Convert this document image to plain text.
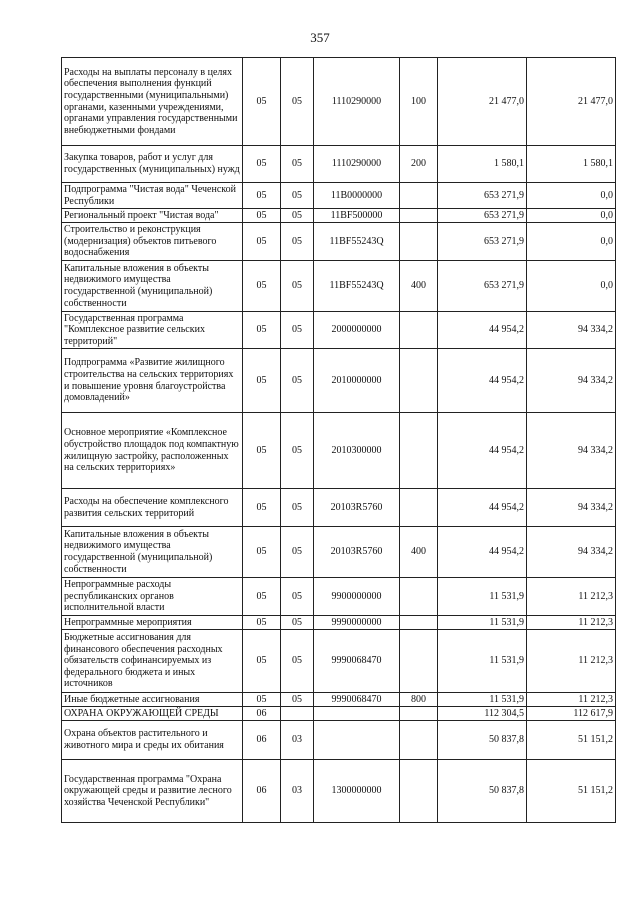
357
Расходы на выплаты персоналу в целях обеспечения выполнения функций государственными (муниципальными) органами, казенными учреждениями, органами управления государственными внебюджетными фондами	05	05	1110290000	100	21 477,0	21 477,0
Закупка товаров, работ и услуг для государственных (муниципальных) нужд	05	05	1110290000	200	1 580,1	1 580,1
Подпрограмма "Чистая вода" Чеченской Республики	05	05	11В0000000		653 271,9	0,0
Региональный проект "Чистая вода"	05	05	11ВF500000		653 271,9	0,0
Строительство и реконструкция (модернизация) объектов питьевого водоснабжения	05	05	11ВF55243Q		653 271,9	0,0
Капитальные вложения в объекты недвижимого имущества государственной (муниципальной) собственности	05	05	11ВF55243Q	400	653 271,9	0,0
Государственная программа "Комплексное развитие сельских территорий"	05	05	2000000000		44 954,2	94 334,2
Подпрограмма «Развитие жилищного строительства на сельских территориях и повышение уровня благоустройства домовладений»	05	05	2010000000		44 954,2	94 334,2
Основное мероприятие «Комплексное обустройство площадок под компактную жилищную застройку, расположенных на сельских территориях»	05	05	2010300000		44 954,2	94 334,2
Расходы на обеспечение комплексного развития сельских территорий	05	05	20103R5760		44 954,2	94 334,2
Капитальные вложения в объекты недвижимого имущества государственной (муниципальной) собственности	05	05	20103R5760	400	44 954,2	94 334,2
Непрограммные расходы республиканских органов исполнительной власти	05	05	9900000000		11 531,9	11 212,3
Непрограммные мероприятия	05	05	9990000000		11 531,9	11 212,3
Бюджетные ассигнования для финансового обеспечения расходных обязательств софинансируемых из федерального бюджета и иных источников	05	05	9990068470		11 531,9	11 212,3
Иные бюджетные ассигнования	05	05	9990068470	800	11 531,9	11 212,3
ОХРАНА ОКРУЖАЮЩЕЙ СРЕДЫ	06				112 304,5	112 617,9
Охрана объектов растительного и животного мира и среды их обитания	06	03			50 837,8	51 151,2
Государственная программа "Охрана окружающей среды и развитие лесного хозяйства Чеченской Республики"	06	03	1300000000		50 837,8	51 151,2
